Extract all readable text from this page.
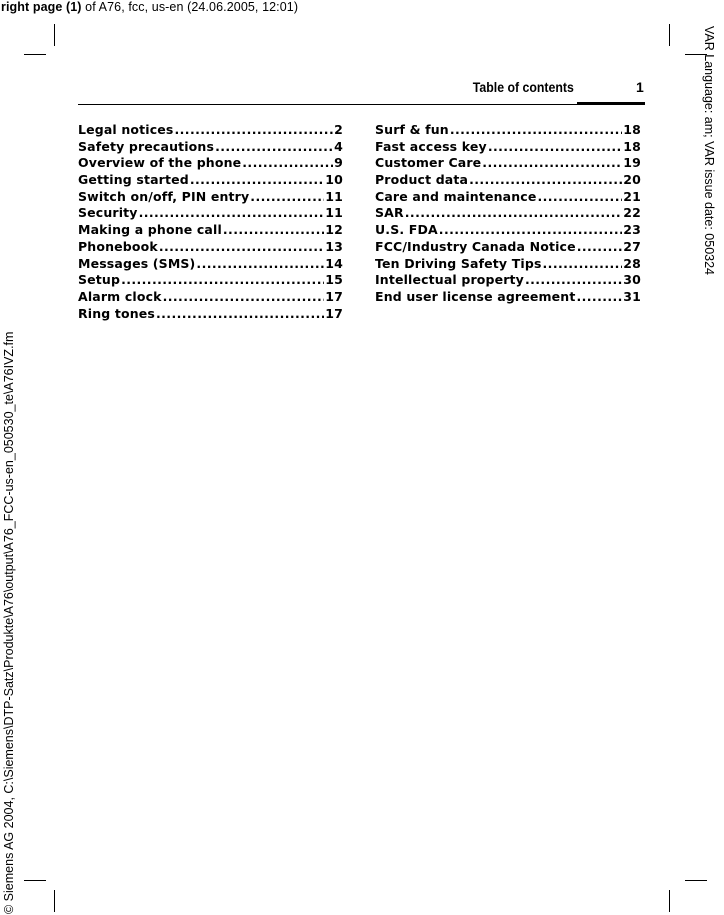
right page (1) of A76, fcc, us-en (24.06.2005, 12:01)
VAR Language: am; VAR issue date: 050324
© Siemens AG 2004, C:\Siemens\DTP-Satz\Produkte\A76\output\A76_FCC-us-en_050530_te\A76IVZ.fm
Table of contents	1
Legal notices .....	2
Safety precautions .....	4
Overview of the phone .....	9
Getting started .....	10
Switch on/off, PIN entry .....	11
Security .....	11
Making a phone call .....	12
Phonebook .....	13
Messages (SMS) .....	14
Setup .....	15
Alarm clock .....	17
Ring tones .....	17
Surf & fun .....	18
Fast access key .....	18
Customer Care .....	19
Product data .....	20
Care and maintenance .....	21
SAR .....	22
U.S. FDA .....	23
FCC/Industry Canada Notice .....	27
Ten Driving Safety Tips .....	28
Intellectual property .....	30
End user license agreement .....	31
